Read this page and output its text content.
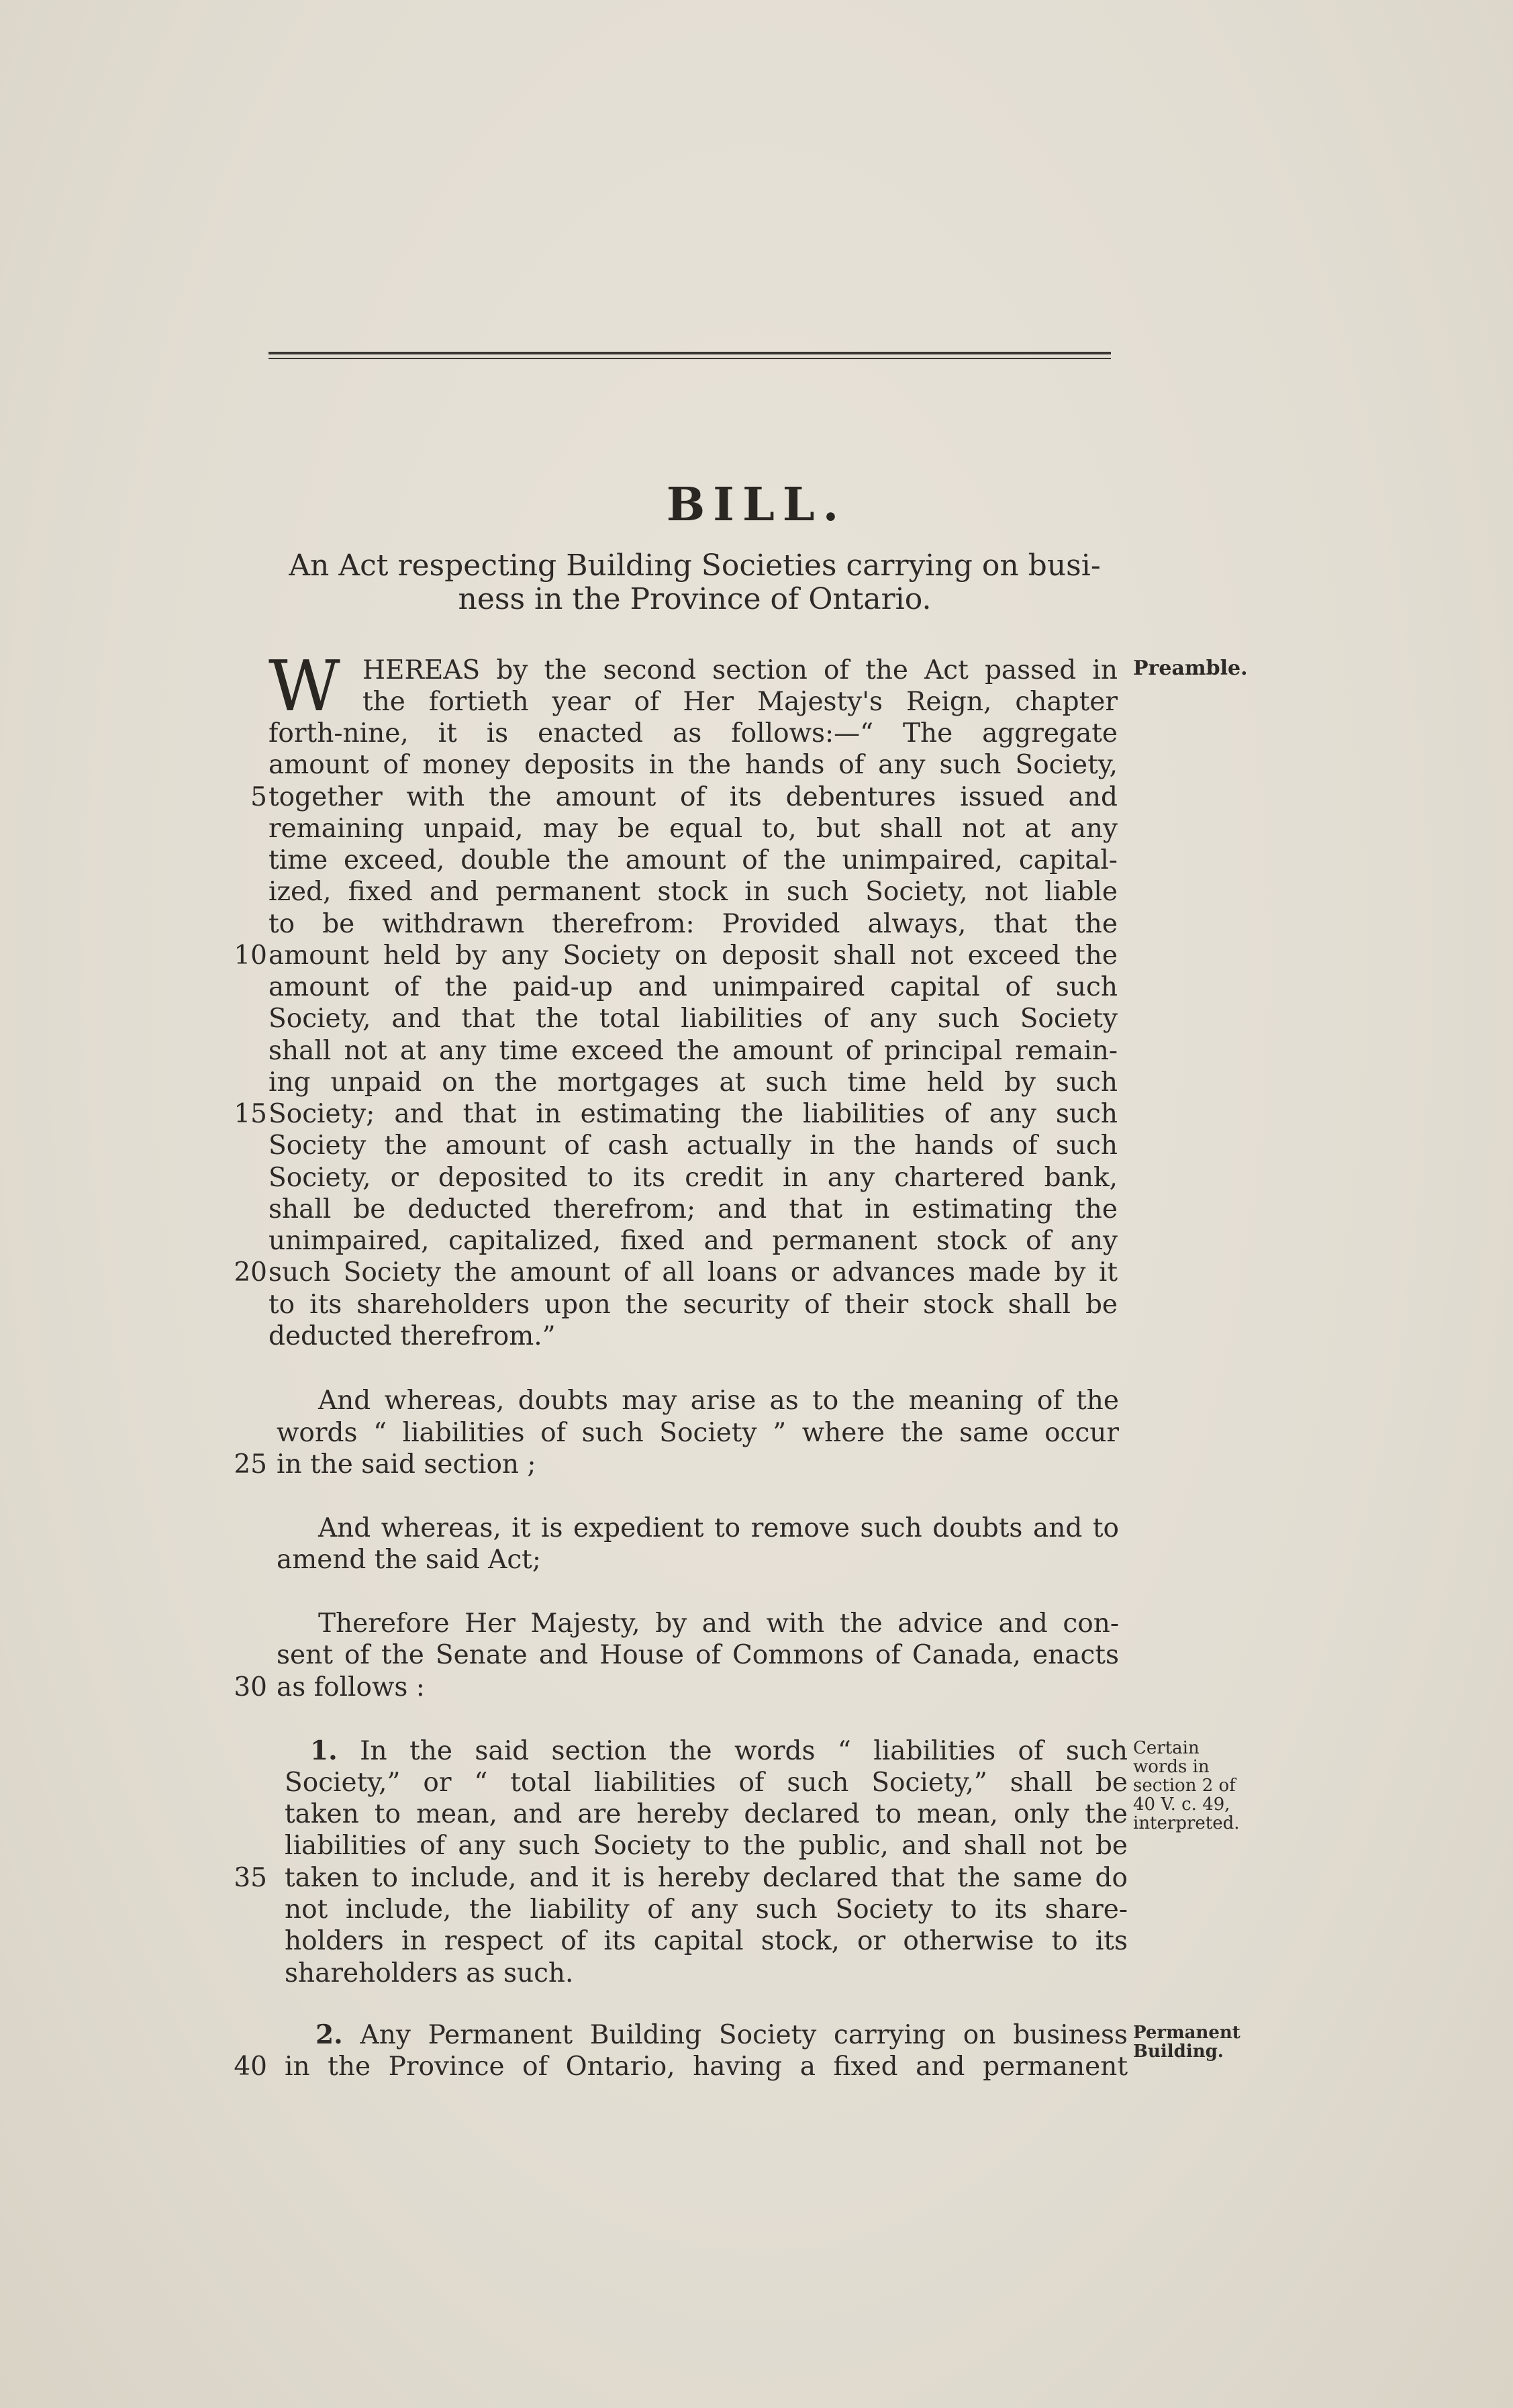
BILL.
An Act respecting Building Societies carrying on busi-
ness in the Province of Ontario.
W	Preamble.
HEREAS by the second section of the Act passed in
the fortieth year of Her Majesty's Reign, chapter
forth-nine, it is enacted as follows:—“ The aggregate
amount of money deposits in the hands of any such Society,
together with the amount of its debentures issued and
remaining unpaid, may be equal to, but shall not at any
time exceed, double the amount of the unimpaired, capital-
ized, fixed and permanent stock in such Society, not liable
to be withdrawn therefrom: Provided always, that the
amount held by any Society on deposit shall not exceed the
amount of the paid-up and unimpaired capital of such
Society, and that the total liabilities of any such Society
shall not at any time exceed the amount of principal remain-
ing unpaid on the mortgages at such time held by such
Society; and that in estimating the liabilities of any such
Society the amount of cash actually in the hands of such
Society, or deposited to its credit in any chartered bank,
shall be deducted therefrom; and that in estimating the
unimpaired, capitalized, fixed and permanent stock of any
such Society the amount of all loans or advances made by it
to its shareholders upon the security of their stock shall be
deducted therefrom.”
And whereas, doubts may arise as to the meaning of the
words “ liabilities of such Society ” where the same occur
in the said section ;
And whereas, it is expedient to remove such doubts and to
amend the said Act;
Therefore Her Majesty, by and with the advice and con-
sent of the Senate and House of Commons of Canada, enacts
as follows :
1. In the said section the words “ liabilities of such
Society,” or “ total liabilities of such Society,” shall be
taken to mean, and are hereby declared to mean, only the
liabilities of any such Society to the public, and shall not be
taken to include, and it is hereby declared that the same do
not include, the liability of any such Society to its share-
holders in respect of its capital stock, or otherwise to its
shareholders as such.
Certain
words in
section 2 of
40 V. c. 49,
interpreted.
2. Any Permanent Building Society carrying on business
in the Province of Ontario, having a fixed and permanent
Permanent
Building.
5
10
15
20
25
30
35
40
